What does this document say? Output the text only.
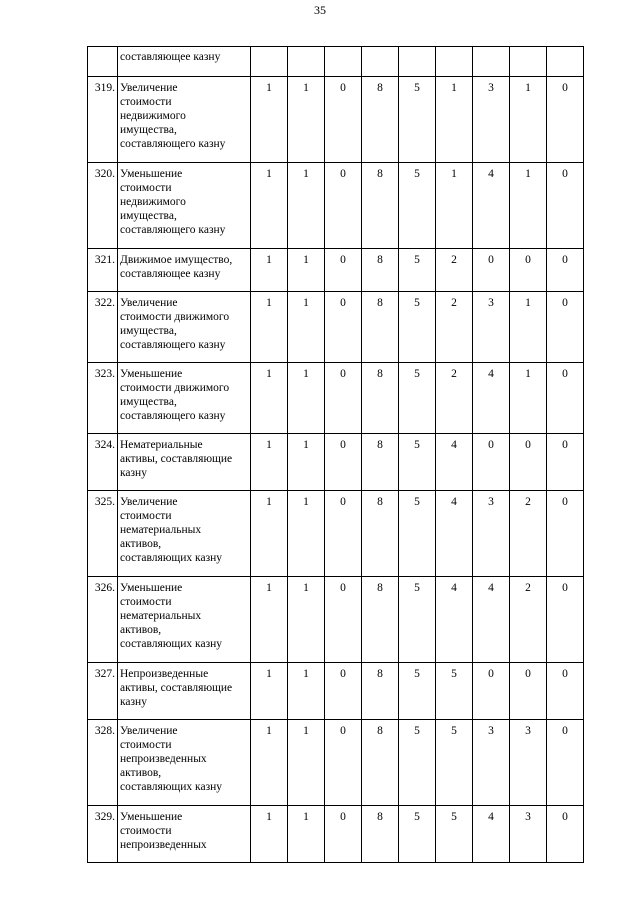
35

	составляющее казну									

319.	Увеличение
стоимости
недвижимого
имущества,
составляющего казну	1	1	0	8	5	1	3	1	0
320.	Уменьшение
стоимости
недвижимого
имущества,
составляющего казну	1	1	0	8	5	1	4	1	0
321.	Движимое имущество,
составляющее казну	1	1	0	8	5	2	0	0	0
322.	Увеличение
стоимости движимого
имущества,
составляющего казну	1	1	0	8	5	2	3	1	0
323.	Уменьшение
стоимости движимого
имущества,
составляющего казну	1	1	0	8	5	2	4	1	0
324.	Нематериальные
активы, составляющие
казну	1	1	0	8	5	4	0	0	0
325.	Увеличение
стоимости
нематериальных
активов,
составляющих казну	1	1	0	8	5	4	3	2	0
326.	Уменьшение
стоимости
нематериальных
активов,
составляющих казну	1	1	0	8	5	4	4	2	0
327.	Непроизведенные
активы, составляющие
казну	1	1	0	8	5	5	0	0	0
328.	Увеличение
стоимости
непроизведенных
активов,
составляющих казну	1	1	0	8	5	5	3	3	0
329.	Уменьшение
стоимости
непроизведенных	1	1	0	8	5	5	4	3	0
